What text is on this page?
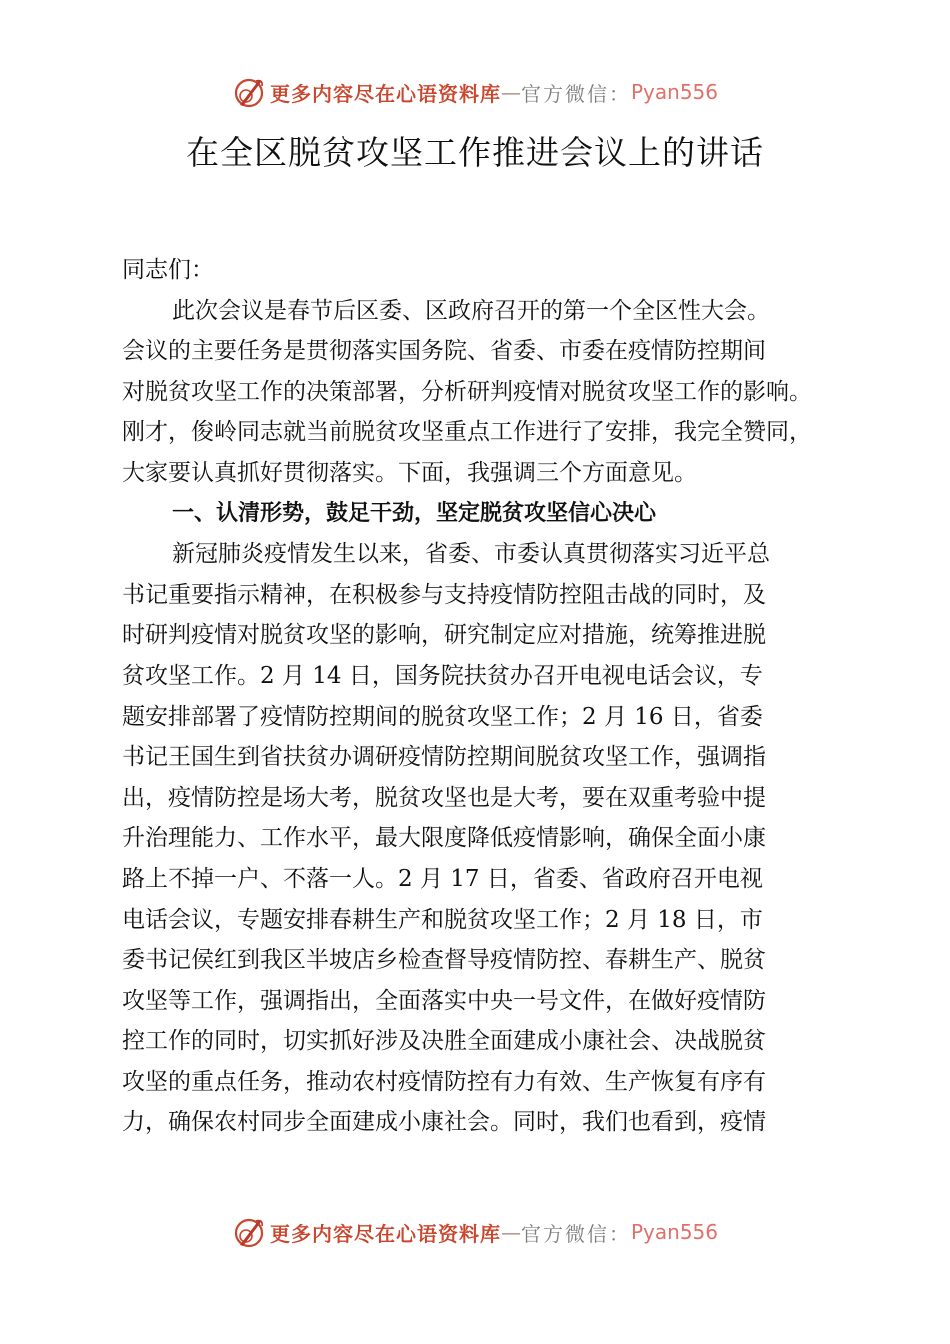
更多内容尽在心语资料库 — 官方微信： Pyan556
在全区脱贫攻坚工作推进会议上的讲话
同志们：
此次会议是春节后区委、区政府召开的第一个全区性大会。
会议的主要任务是贯彻落实国务院、省委、市委在疫情防控期间
对脱贫攻坚工作的决策部署，分析研判疫情对脱贫攻坚工作的影响。
刚才，俊岭同志就当前脱贫攻坚重点工作进行了安排，我完全赞同，
大家要认真抓好贯彻落实。下面，我强调三个方面意见。
一、认清形势，鼓足干劲，坚定脱贫攻坚信心决心
新冠肺炎疫情发生以来，省委、市委认真贯彻落实习近平总
书记重要指示精神，在积极参与支持疫情防控阻击战的同时，及
时研判疫情对脱贫攻坚的影响，研究制定应对措施，统筹推进脱
贫攻坚工作。2 月 14 日，国务院扶贫办召开电视电话会议，专
题安排部署了疫情防控期间的脱贫攻坚工作；2 月 16 日，省委
书记王国生到省扶贫办调研疫情防控期间脱贫攻坚工作，强调指
出，疫情防控是场大考，脱贫攻坚也是大考，要在双重考验中提
升治理能力、工作水平，最大限度降低疫情影响，确保全面小康
路上不掉一户、不落一人。2 月 17 日，省委、省政府召开电视
电话会议，专题安排春耕生产和脱贫攻坚工作；2 月 18 日，市
委书记侯红到我区半坡店乡检查督导疫情防控、春耕生产、脱贫
攻坚等工作，强调指出，全面落实中央一号文件，在做好疫情防
控工作的同时，切实抓好涉及决胜全面建成小康社会、决战脱贫
攻坚的重点任务，推动农村疫情防控有力有效、生产恢复有序有
力，确保农村同步全面建成小康社会。同时，我们也看到，疫情
更多内容尽在心语资料库 — 官方微信： Pyan556
